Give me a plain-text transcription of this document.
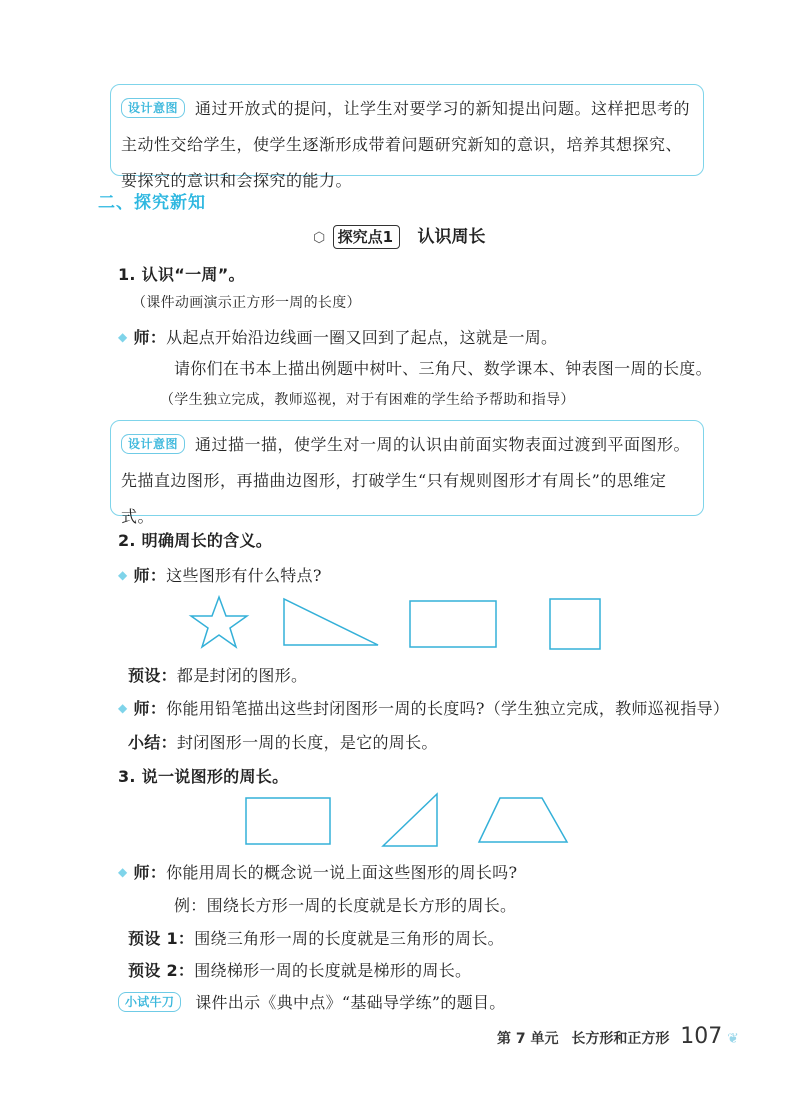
设计意图 通过开放式的提问，让学生对要学习的新知提出问题。这样把思考的主动性交给学生，使学生逐渐形成带着问题研究新知的意识，培养其想探究、要探究的意识和会探究的能力。
二、探究新知
⬡ 探究点1 认识周长
1. 认识“一周”。
（课件动画演示正方形一周的长度）
◆ 师：从起点开始沿边线画一圈又回到了起点，这就是一周。
请你们在书本上描出例题中树叶、三角尺、数学课本、钟表图一周的长度。
（学生独立完成，教师巡视，对于有困难的学生给予帮助和指导）
设计意图 通过描一描，使学生对一周的认识由前面实物表面过渡到平面图形。先描直边图形，再描曲边图形，打破学生“只有规则图形才有周长”的思维定式。
2. 明确周长的含义。
◆ 师：这些图形有什么特点?
预设：都是封闭的图形。
◆ 师：你能用铅笔描出这些封闭图形一周的长度吗?（学生独立完成，教师巡视指导）
小结：封闭图形一周的长度，是它的周长。
3. 说一说图形的周长。
◆ 师：你能用周长的概念说一说上面这些图形的周长吗?
例：围绕长方形一周的长度就是长方形的周长。
预设 1：围绕三角形一周的长度就是三角形的周长。
预设 2：围绕梯形一周的长度就是梯形的周长。
小试牛刀 课件出示《典中点》“基础导学练”的题目。
第 7 单元 长方形和正方形 107 ❦
